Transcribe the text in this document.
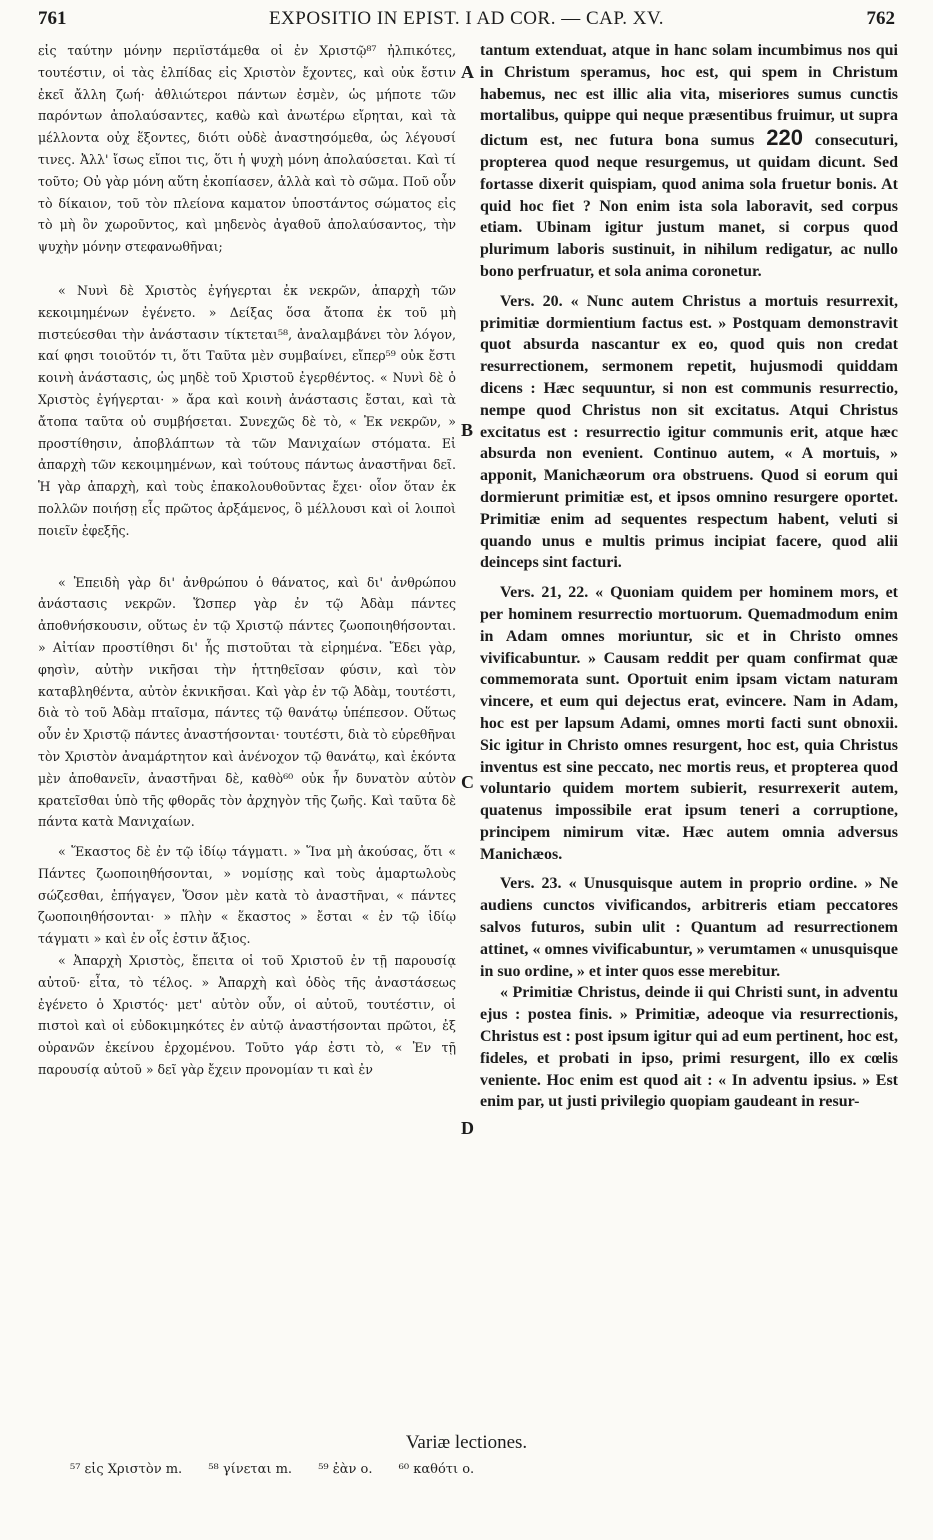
761	EXPOSITIO IN EPIST. I AD COR. — CAP. XV.	762

εἰς ταύτην μόνην περιϊστάμεθα οἱ ἐν Χριστῷ⁸⁷ ἠλπικότες, τουτέστιν, οἱ τὰς ἐλπίδας εἰς Χριστὸν ἔχοντες, καὶ οὐκ ἔστιν ἐκεῖ ἄλλη ζωή· ἀθλιώτεροι πάντων ἐσμὲν, ὡς μήποτε τῶν παρόντων ἀπολαύσαντες, καθὼ καὶ ἀνωτέρω εἴρηται, καὶ τὰ μέλλοντα οὐχ ἕξοντες, διότι οὐδὲ ἀναστησόμεθα, ὡς λέγουσί τινες. Ἀλλ' ἴσως εἴποι τις, ὅτι ἡ ψυχὴ μόνη ἀπολαύσεται. Καὶ τί τοῦτο; Οὐ γὰρ μόνη αὕτη ἐκοπίασεν, ἀλλὰ καὶ τὸ σῶμα. Ποῦ οὖν τὸ δίκαιον, τοῦ τὸν πλείονα καματον ὑποστάντος σώματος εἰς τὸ μὴ ὂν χωροῦντος, καὶ μηδενὸς ἀγαθοῦ ἀπολαύσαντος, τὴν ψυχὴν μόνην στεφανωθῆναι;

« Νυνὶ δὲ Χριστὸς ἐγήγερται ἐκ νεκρῶν, ἀπαρχὴ τῶν κεκοιμημένων ἐγένετο. » Δείξας ὅσα ἄτοπα ἐκ τοῦ μὴ πιστεύεσθαι τὴν ἀνάστασιν τίκτεται⁵⁸, ἀναλαμβάνει τὸν λόγον, καί φησι τοιοῦτόν τι, ὅτι Ταῦτα μὲν συμβαίνει, εἴπερ⁵⁹ οὐκ ἔστι κοινὴ ἀνάστασις, ὡς μηδὲ τοῦ Χριστοῦ ἐγερθέντος. « Νυνὶ δὲ ὁ Χριστὸς ἐγήγερται· » ἄρα καὶ κοινὴ ἀνάστασις ἔσται, καὶ τὰ ἄτοπα ταῦτα οὐ συμβήσεται. Συνεχῶς δὲ τὸ, « Ἐκ νεκρῶν, » προστίθησιν, ἀποβλάπτων τὰ τῶν Μανιχαίων στόματα. Εἰ ἀπαρχὴ τῶν κεκοιμημένων, καὶ τούτους πάντως ἀναστῆναι δεῖ. Ἡ γὰρ ἀπαρχὴ, καὶ τοὺς ἐπακολουθοῦντας ἔχει· οἷον ὅταν ἐκ πολλῶν ποιήσῃ εἷς πρῶτος ἀρξάμενος, ὃ μέλλουσι καὶ οἱ λοιποὶ ποιεῖν ἐφεξῆς.

« Ἐπειδὴ γὰρ δι' ἀνθρώπου ὁ θάνατος, καὶ δι' ἀνθρώπου ἀνάστασις νεκρῶν. Ὥσπερ γὰρ ἐν τῷ Ἀδὰμ πάντες ἀποθνήσκουσιν, οὕτως ἐν τῷ Χριστῷ πάντες ζωοποιηθήσονται. » Αἰτίαν προστίθησι δι' ἧς πιστοῦται τὰ εἰρημένα. Ἔδει γὰρ, φησὶν, αὐτὴν νικῆσαι τὴν ἡττηθεῖσαν φύσιν, καὶ τὸν καταβληθέντα, αὐτὸν ἐκνικῆσαι. Καὶ γὰρ ἐν τῷ Ἀδὰμ, τουτέστι, διὰ τὸ τοῦ Ἀδὰμ πταῖσμα, πάντες τῷ θανάτῳ ὑπέπεσον. Οὕτως οὖν ἐν Χριστῷ πάντες ἀναστήσονται· τουτέστι, διὰ τὸ εὑρεθῆναι τὸν Χριστὸν ἀναμάρτητον καὶ ἀνένοχον τῷ θανάτῳ, καὶ ἑκόντα μὲν ἀποθανεῖν, ἀναστῆναι δὲ, καθὸ⁶⁰ οὐκ ἦν δυνατὸν αὐτὸν κρατεῖσθαι ὑπὸ τῆς φθορᾶς τὸν ἀρχηγὸν τῆς ζωῆς. Καὶ ταῦτα δὲ πάντα κατὰ Μανιχαίων.

« Ἕκαστος δὲ ἐν τῷ ἰδίῳ τάγματι. » Ἵνα μὴ ἀκούσας, ὅτι « Πάντες ζωοποιηθήσονται, » νομίσῃς καὶ τοὺς ἁμαρτωλοὺς σώζεσθαι, ἐπήγαγεν, Ὅσον μὲν κατὰ τὸ ἀναστῆναι, « πάντες ζωοποιηθήσονται· » πλὴν « ἕκαστος » ἔσται « ἐν τῷ ἰδίῳ τάγματι » καὶ ἐν οἷς ἐστιν ἄξιος.

« Ἀπαρχὴ Χριστὸς, ἔπειτα οἱ τοῦ Χριστοῦ ἐν τῇ παρουσίᾳ αὐτοῦ· εἶτα, τὸ τέλος. » Ἀπαρχὴ καὶ ὁδὸς τῆς ἀναστάσεως ἐγένετο ὁ Χριστός· μετ' αὐτὸν οὖν, οἱ αὐτοῦ, τουτέστιν, οἱ πιστοὶ καὶ οἱ εὐδοκιμηκότες ἐν αὐτῷ ἀναστήσονται πρῶτοι, ἐξ οὐρανῶν ἐκείνου ἐρχομένου. Τοῦτο γάρ ἐστι τὸ, « Ἐν τῇ παρουσίᾳ αὐτοῦ » δεῖ γὰρ ἔχειν προνομίαν τι καὶ ἐν

tantum extenduat, atque in hanc solam incumbimus nos qui in Christum speramus, hoc est, qui spem in Christum habemus, nec est illic alia vita, miseriores sumus cunctis mortalibus, quippe qui neque præsentibus fruimur, ut supra dictum est, nec futura bona sumus 220 consecuturi, propterea quod neque resurgemus, ut quidam dicunt. Sed fortasse dixerit quispiam, quod anima sola fruetur bonis. At quid hoc fiet ? Non enim ista sola laboravit, sed corpus etiam. Ubinam igitur justum manet, si corpus quod plurimum laboris sustinuit, in nihilum redigatur, ac nullo bono perfruatur, et sola anima coronetur.

Vers. 20. « Nunc autem Christus a mortuis resurrexit, primitiæ dormientium factus est. » Postquam demonstravit quot absurda nascantur ex eo, quod quis non credat resurrectionem, sermonem repetit, hujusmodi quiddam dicens : Hæc sequuntur, si non est communis resurrectio, nempe quod Christus non sit excitatus. Atqui Christus excitatus est : resurrectio igitur communis erit, atque hæc absurda non evenient. Continuo autem, « A mortuis, » apponit, Manichæorum ora obstruens. Quod si eorum qui dormierunt primitiæ est, et ipsos omnino resurgere oportet. Primitiæ enim ad sequentes respectum habent, veluti si quando unus e multis primus incipiat facere, quod alii deinceps sint facturi.

Vers. 21, 22. « Quoniam quidem per hominem mors, et per hominem resurrectio mortuorum. Quemadmodum enim in Adam omnes moriuntur, sic et in Christo omnes vivificabuntur. » Causam reddit per quam confirmat quæ commemorata sunt. Oportuit enim ipsam victam naturam vincere, et eum qui dejectus erat, evincere. Nam in Adam, hoc est per lapsum Adami, omnes morti facti sunt obnoxii. Sic igitur in Christo omnes resurgent, hoc est, quia Christus inventus est sine peccato, nec mortis reus, et propterea quod voluntario quidem mortem subierit, resurrexerit autem, quatenus impossibile erat ipsum teneri a corruptione, principem nimirum vitæ. Hæc autem omnia adversus Manichæos.

Vers. 23. « Unusquisque autem in proprio ordine. » Ne audiens cunctos vivificandos, arbitreris etiam peccatores salvos futuros, subin ulit : Quantum ad resurrectionem attinet, « omnes vivificabuntur, » verumtamen « unusquisque in suo ordine, » et inter quos esse merebitur.

« Primitiæ Christus, deinde ii qui Christi sunt, in adventu ejus : postea finis. » Primitiæ, adeoque via resurrectionis, Christus est : post ipsum igitur qui ad eum pertinent, hoc est, fideles, et probati in ipso, primi resurgent, illo ex cœlis veniente. Hoc enim est quod ait : « In adventu ipsius. » Est enim par, ut justi privilegio quopiam gaudeant in resur-

A
B
C
D
Variæ lectiones.
⁵⁷ εἰς Χριστὸν m. ⁵⁸ γίνεται m. ⁵⁹ ἐὰν ο. ⁶⁰ καθότι ο.
